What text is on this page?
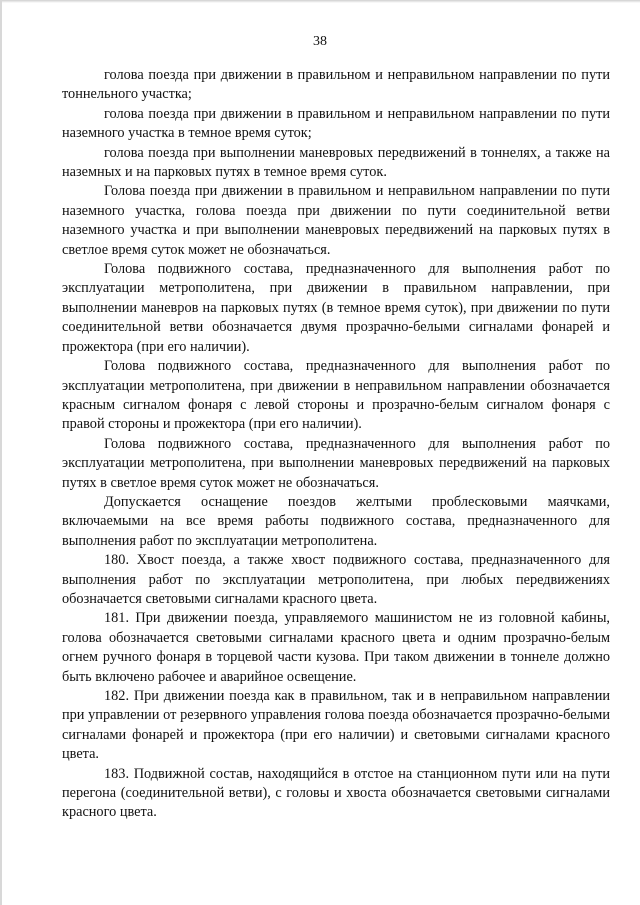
38

голова поезда при движении в правильном и неправильном направлении по пути тоннельного участка;

голова поезда при движении в правильном и неправильном направлении по пути наземного участка в темное время суток;

голова поезда при выполнении маневровых передвижений в тоннелях, а также на наземных и на парковых путях в темное время суток.

Голова поезда при движении в правильном и неправильном направлении по пути наземного участка, голова поезда при движении по пути соединительной ветви наземного участка и при выполнении маневровых передвижений на парковых путях в светлое время суток может не обозначаться.

Голова подвижного состава, предназначенного для выполнения работ по эксплуатации метрополитена, при движении в правильном направлении, при выполнении маневров на парковых путях (в темное время суток), при движении по пути соединительной ветви обозначается двумя прозрачно-белыми сигналами фонарей и прожектора (при его наличии).

Голова подвижного состава, предназначенного для выполнения работ по эксплуатации метрополитена, при движении в неправильном направлении обозначается красным сигналом фонаря с левой стороны и прозрачно-белым сигналом фонаря с правой стороны и прожектора (при его наличии).

Голова подвижного состава, предназначенного для выполнения работ по эксплуатации метрополитена, при выполнении маневровых передвижений на парковых путях в светлое время суток может не обозначаться.

Допускается оснащение поездов желтыми проблесковыми маячками, включаемыми на все время работы подвижного состава, предназначенного для выполнения работ по эксплуатации метрополитена.

180. Хвост поезда, а также хвост подвижного состава, предназначенного для выполнения работ по эксплуатации метрополитена, при любых передвижениях обозначается световыми сигналами красного цвета.

181. При движении поезда, управляемого машинистом не из головной кабины, голова обозначается световыми сигналами красного цвета и одним прозрачно-белым огнем ручного фонаря в торцевой части кузова. При таком движении в тоннеле должно быть включено рабочее и аварийное освещение.

182. При движении поезда как в правильном, так и в неправильном направлении при управлении от резервного управления голова поезда обозначается прозрачно-белыми сигналами фонарей и прожектора (при его наличии) и световыми сигналами красного цвета.

183. Подвижной состав, находящийся в отстое на станционном пути или на пути перегона (соединительной ветви), с головы и хвоста обозначается световыми сигналами красного цвета.
